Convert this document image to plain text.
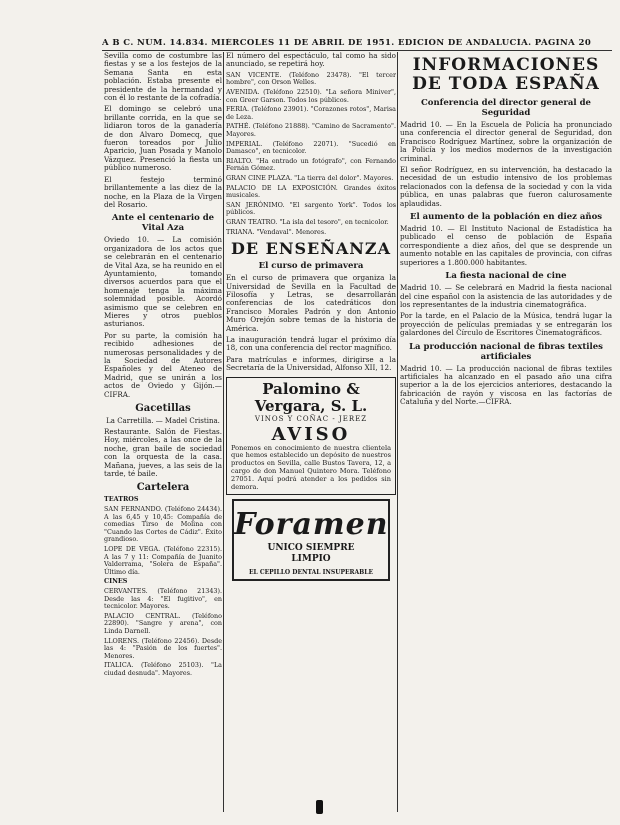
A B C. NÚM. 14.834. MIÉRCOLES 11 DE ABRIL DE 1951. EDICIÓN DE ANDALUCÍA. PÁGINA 20

Sevilla como de costumbre las fiestas y se a los festejos de la Semana Santa en esta población. Estaba presente el presidente de la hermandad y con él lo restante de la cofradía.

El domingo se celebró una brillante corrida, en la que se lidiaron toros de la ganadería de don Alvaro Domecq, que fueron toreados por Julio Aparicio, Juan Posada y Manolo Vázquez. Presenció la fiesta un público numeroso.

El festejo terminó brillantemente a las diez de la noche, en la Plaza de la Virgen del Rosario.

Ante el centenario de Vital Aza

Oviedo 10. — La comisión organizadora de los actos que se celebrarán en el centenario de Vital Aza, se ha reunido en el Ayuntamiento, tomando diversos acuerdos para que el homenaje tenga la máxima solemnidad posible. Acordó asimismo que se celebren en Mieres y otros pueblos asturianos.

Por su parte, la comisión ha recibido adhesiones de numerosas personalidades y de la Sociedad de Autores Españoles y del Ateneo de Madrid, que se unirán a los actos de Oviedo y Gijón.—CIFRA.

Gacetillas
La Carretilla. — Madel Cristina.

Restaurante. Salón de Fiestas. Hoy, miércoles, a las once de la noche, gran baile de sociedad con la orquesta de la casa. Mañana, jueves, a las seis de la tarde, té baile.

Cartelera
TEATROS
SAN FERNANDO. (Teléfono 24434). A las 6,45 y 10,45: Compañía de comedias Tirso de Molina con "Cuando las Cortes de Cádiz". Éxito grandioso.
LOPE DE VEGA. (Teléfono 22315). A las 7 y 11: Compañía de Juanito Valderrama, "Solera de España". Último día.
CINES
CERVANTES. (Teléfono 21343). Desde las 4: "El fugitivo", en tecnicolor. Mayores.
PALACIO CENTRAL. (Teléfono 22890). "Sangre y arena", con Linda Darnell.
LLORENS. (Teléfono 22456). Desde las 4: "Pasión de los fuertes". Menores.
ITALICA. (Teléfono 25103). "La ciudad desnuda". Mayores.

El número del espectáculo, tal como ha sido anunciado, se repetirá hoy.

SAN VICENTE. (Teléfono 23478). "El tercer hombre", con Orson Welles.
AVENIDA. (Teléfono 22510). "La señora Miniver", con Greer Garson. Todos los públicos.
FERIA. (Teléfono 23901). "Corazones rotos", Marisa de Leza.
PATHÉ. (Teléfono 21888). "Camino de Sacramento". Mayores.
IMPERIAL. (Teléfono 22071). "Sucedió en Damasco", en tecnicolor.
RIALTO. "Ha entrado un fotógrafo", con Fernando Fernán Gómez.
GRAN CINE PLAZA. "La tierra del dolor". Mayores.
PALACIO DE LA EXPOSICIÓN. Grandes éxitos musicales.
SAN JERÓNIMO. "El sargento York". Todos los públicos.
GRAN TEATRO. "La isla del tesoro", en tecnicolor.
TRIANA. "Vendaval". Menores.
DE ENSEÑANZA
El curso de primavera

En el curso de primavera que organiza la Universidad de Sevilla en la Facultad de Filosofía y Letras, se desarrollarán conferencias de los catedráticos don Francisco Morales Padrón y don Antonio Muro Orejón sobre temas de la historia de América.

La inauguración tendrá lugar el próximo día 18, con una conferencia del rector magnífico.

Para matrículas e informes, dirigirse a la Secretaría de la Universidad, Alfonso XII, 12.

Palomino & Vergara, S. L.
VINOS Y COÑAC - JEREZ
AVISO
Ponemos en conocimiento de nuestra clientela que hemos establecido un depósito de nuestros productos en Sevilla, calle Bustos Tavera, 12, a cargo de don Manuel Quintero Mora. Teléfono 27051. Aquí podrá atender a los pedidos sin demora.
Foramen
UNICO SIEMPRE
LIMPIO
EL CEPILLO DENTAL INSUPERABLE
INFORMACIONES DE TODA ESPAÑA
Conferencia del director general de Seguridad

Madrid 10. — En la Escuela de Policía ha pronunciado una conferencia el director general de Seguridad, don Francisco Rodríguez Martínez, sobre la organización de la Policía y los medios modernos de la investigación criminal.

El señor Rodríguez, en su intervención, ha destacado la necesidad de un estudio intensivo de los problemas relacionados con la defensa de la sociedad y con la vida pública, en unas palabras que fueron calurosamente aplaudidas.

El aumento de la población en diez años

Madrid 10. — El Instituto Nacional de Estadística ha publicado el censo de población de España correspondiente a diez años, del que se desprende un aumento notable en las capitales de provincia, con cifras superiores a 1.800.000 habitantes.

La fiesta nacional de cine

Madrid 10. — Se celebrará en Madrid la fiesta nacional del cine español con la asistencia de las autoridades y de los representantes de la industria cinematográfica.

Por la tarde, en el Palacio de la Música, tendrá lugar la proyección de películas premiadas y se entregarán los galardones del Círculo de Escritores Cinematográficos.

La producción nacional de fibras textiles artificiales

Madrid 10. — La producción nacional de fibras textiles artificiales ha alcanzado en el pasado año una cifra superior a la de los ejercicios anteriores, destacando la fabricación de rayón y viscosa en las factorías de Cataluña y del Norte.—CIFRA.
